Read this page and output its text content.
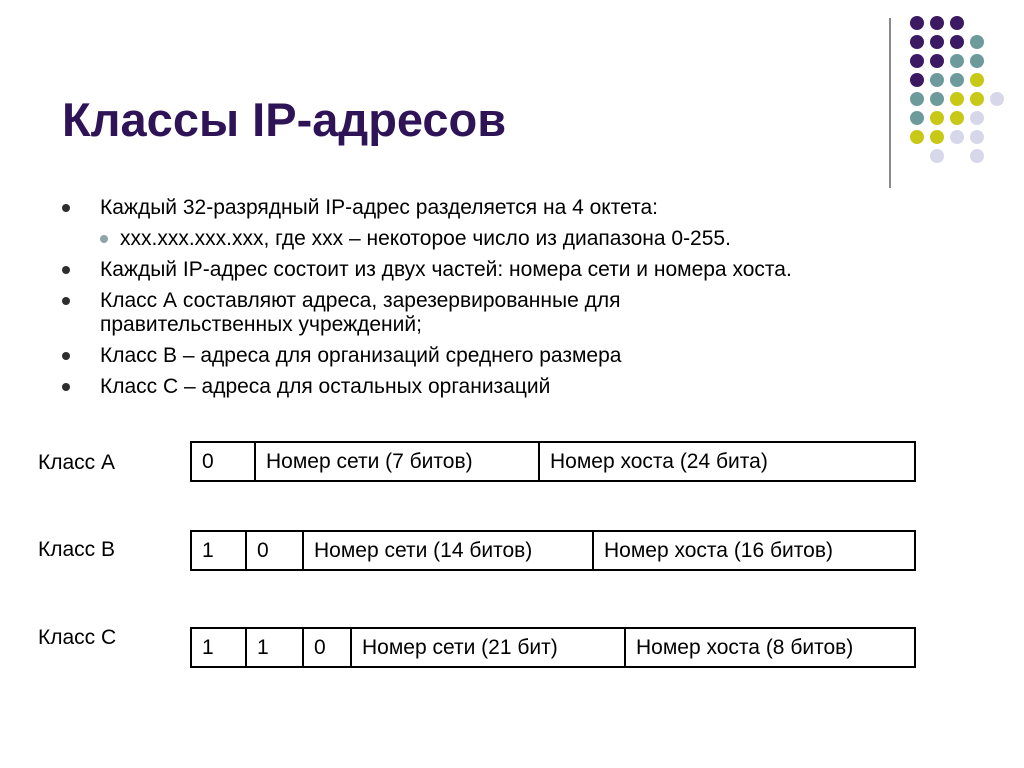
Классы IP-адресов
Каждый 32-разрядный IP-адрес разделяется на 4 октета:
xxx.xxx.xxx.xxx, где xxx – некоторое число из диапазона 0-255.
Каждый IP-адрес состоит из двух частей: номера сети и номера хоста.
Класс А составляют адреса, зарезервированные для правительственных учреждений;
Класс В – адреса для организаций среднего размера
Класс С – адреса для остальных организаций
Класс А	0	Номер сети (7 битов)	Номер хоста (24 бита)
Класс В	1	0	Номер сети (14 битов)	Номер хоста (16 битов)
Класс С	1	1	0	Номер сети (21 бит)	Номер хоста (8 битов)
